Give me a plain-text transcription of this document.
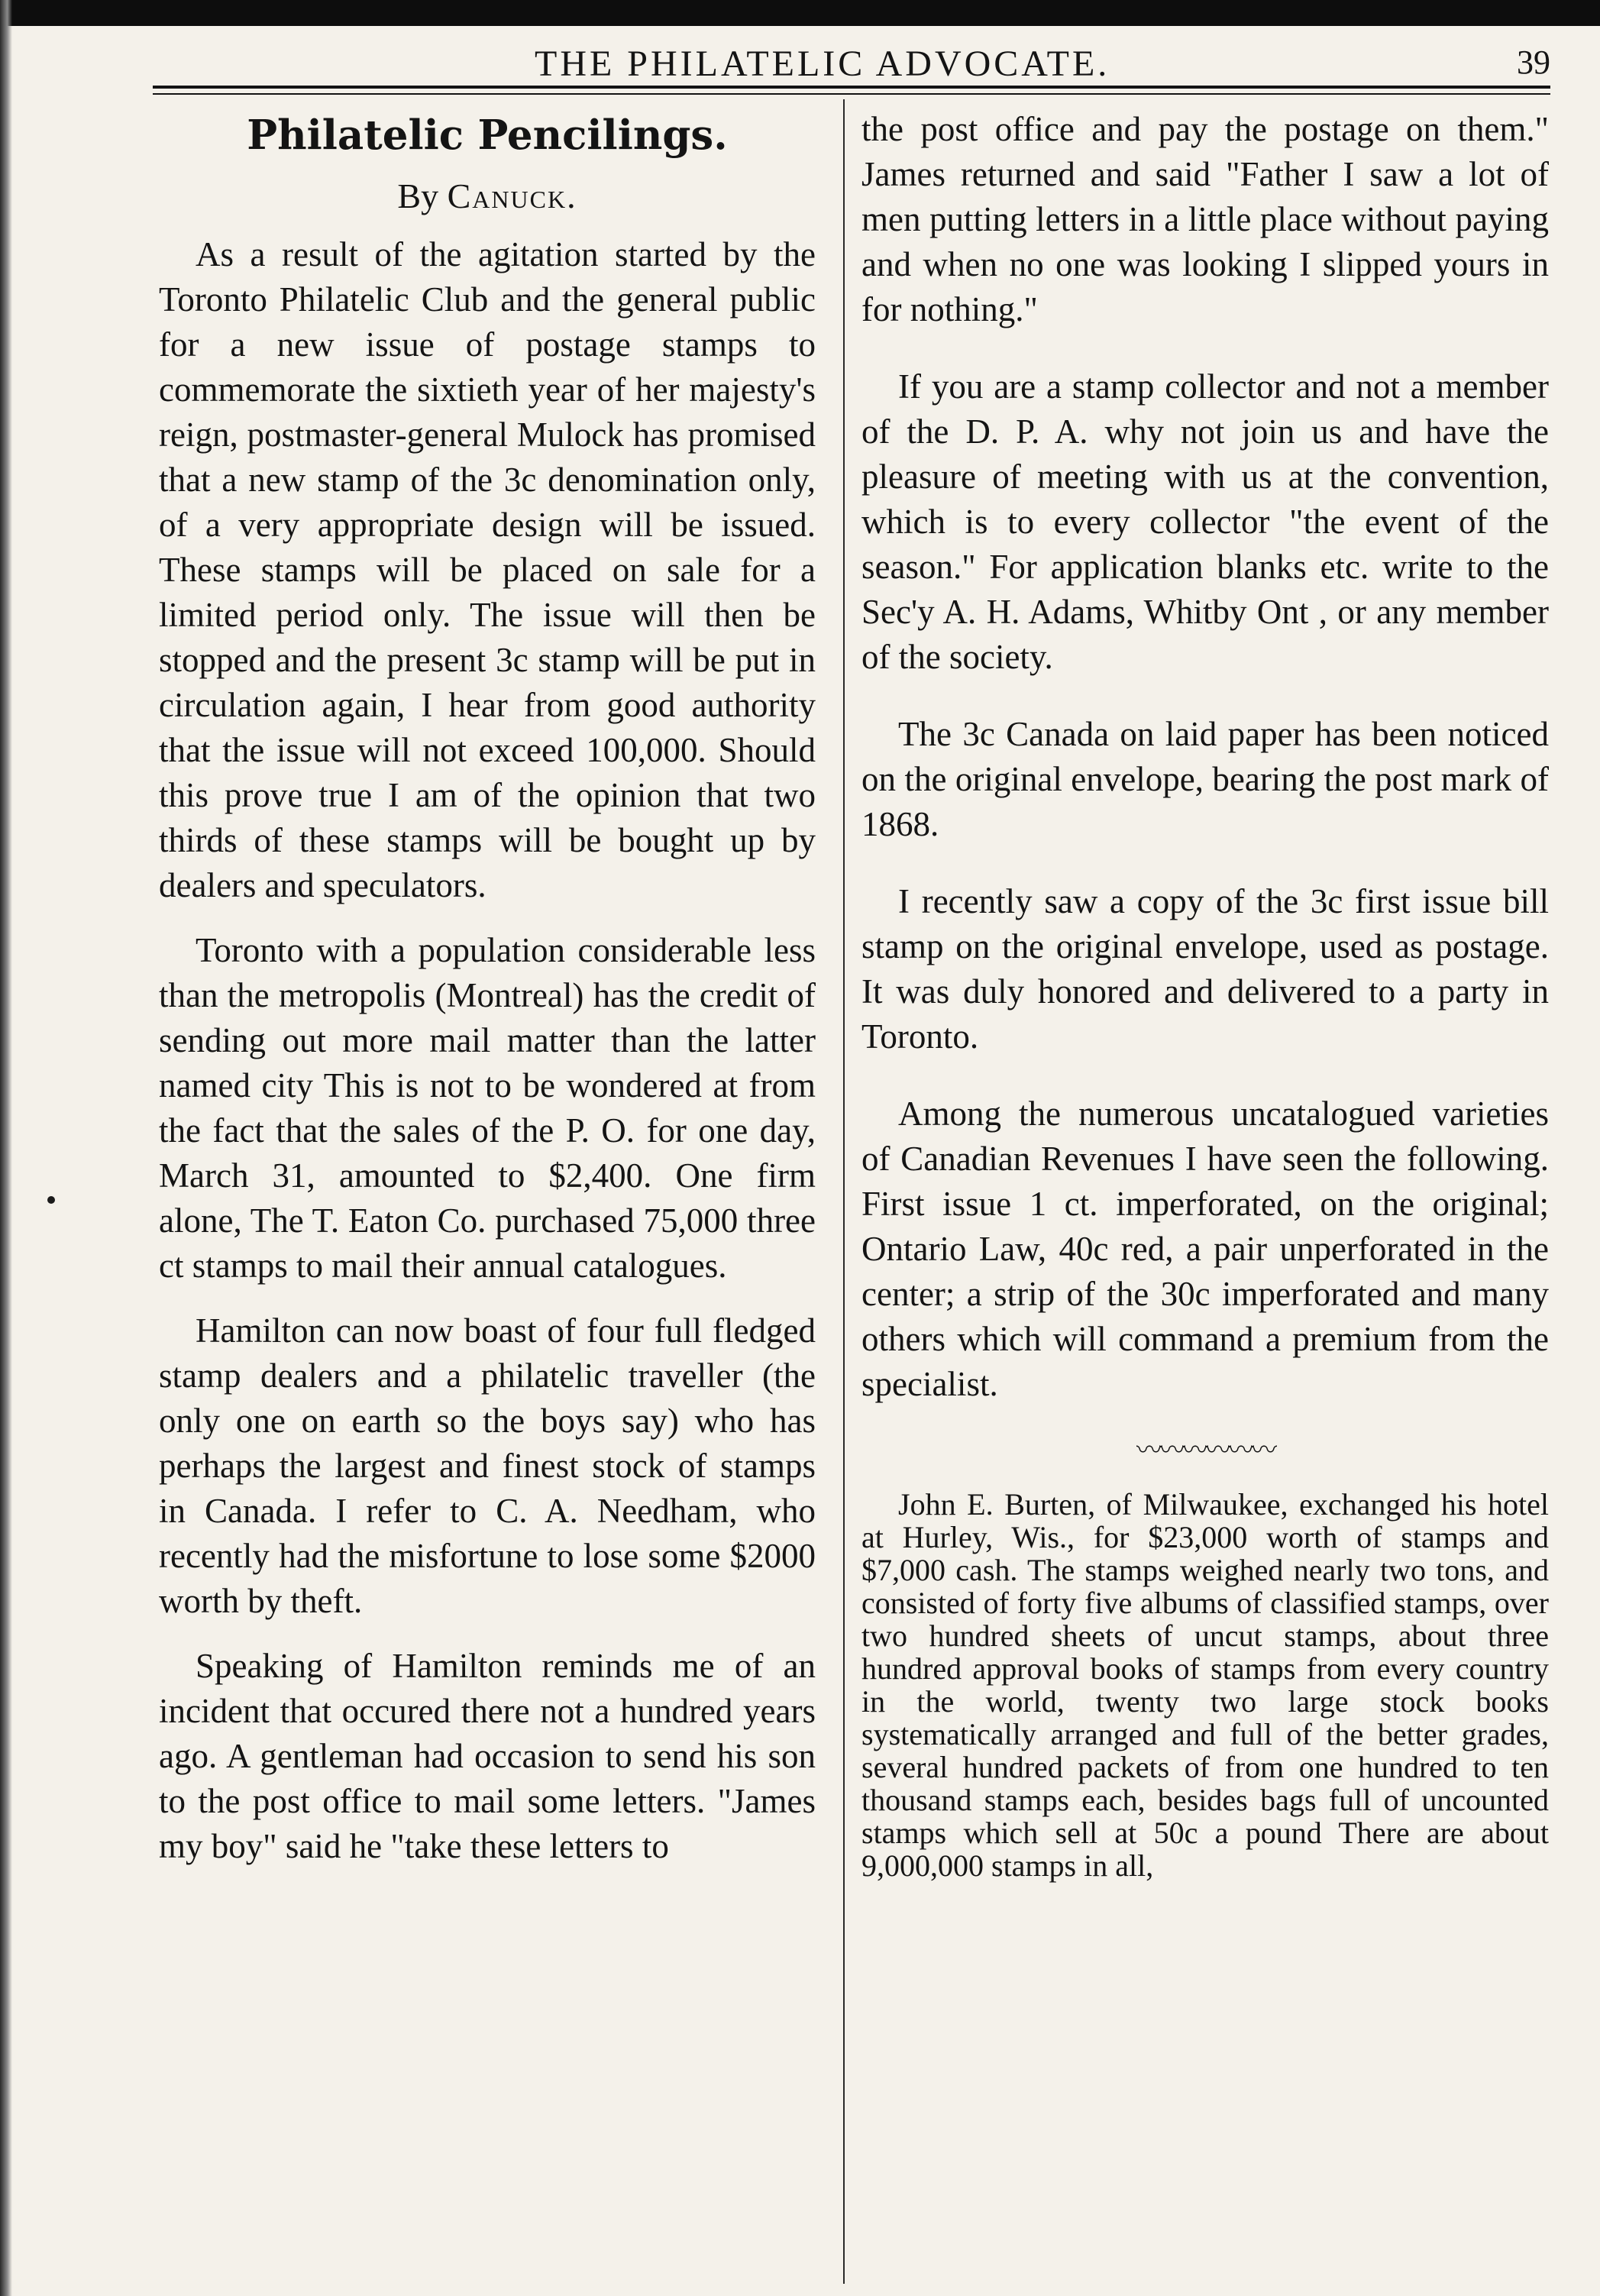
THE PHILATELIC ADVOCATE.	39
Philatelic Pencilings.
By Canuck.

As a result of the agitation started by the Toronto Philatelic Club and the general public for a new issue of postage stamps to commemorate the sixtieth year of her majesty's reign, postmaster-general Mulock has promised that a new stamp of the 3c denomination only, of a very appropriate design will be issued. These stamps will be placed on sale for a limited period only. The issue will then be stopped and the present 3c stamp will be put in circulation again, I hear from good authority that the issue will not exceed 100,000. Should this prove true I am of the opinion that two thirds of these stamps will be bought up by dealers and speculators.

Toronto with a population considerable less than the metropolis (Montreal) has the credit of sending out more mail matter than the latter named city This is not to be wondered at from the fact that the sales of the P. O. for one day, March 31, amounted to $2,400. One firm alone, The T. Eaton Co. purchased 75,000 three ct stamps to mail their annual catalogues.

Hamilton can now boast of four full fledged stamp dealers and a philatelic traveller (the only one on earth so the boys say) who has perhaps the largest and finest stock of stamps in Canada. I refer to C. A. Needham, who recently had the misfortune to lose some $2000 worth by theft.

Speaking of Hamilton reminds me of an incident that occured there not a hundred years ago. A gentleman had occasion to send his son to the post office to mail some letters. "James my boy" said he "take these letters to

the post office and pay the postage on them." James returned and said "Father I saw a lot of men putting letters in a little place without paying and when no one was looking I slipped yours in for nothing."

If you are a stamp collector and not a member of the D. P. A. why not join us and have the pleasure of meeting with us at the convention, which is to every collector "the event of the season." For application blanks etc. write to the Sec'y A. H. Adams, Whitby Ont , or any member of the society.

The 3c Canada on laid paper has been noticed on the original envelope, bearing the post mark of 1868.

I recently saw a copy of the 3c first issue bill stamp on the original envelope, used as postage. It was duly honored and delivered to a party in Toronto.

Among the numerous uncatalogued varieties of Canadian Revenues I have seen the following. First issue 1 ct. imperforated, on the original; Ontario Law, 40c red, a pair unperforated in the center; a strip of the 30c imperforated and many others which will command a premium from the specialist.

〰〰〰〰〰〰

John E. Burten, of Milwaukee, exchanged his hotel at Hurley, Wis., for $23,000 worth of stamps and $7,000 cash. The stamps weighed nearly two tons, and consisted of forty five albums of classified stamps, over two hundred sheets of uncut stamps, about three hundred approval books of stamps from every country in the world, twenty two large stock books systematically arranged and full of the better grades, several hundred packets of from one hundred to ten thousand stamps each, besides bags full of uncounted stamps which sell at 50c a pound There are about 9,000,000 stamps in all,
